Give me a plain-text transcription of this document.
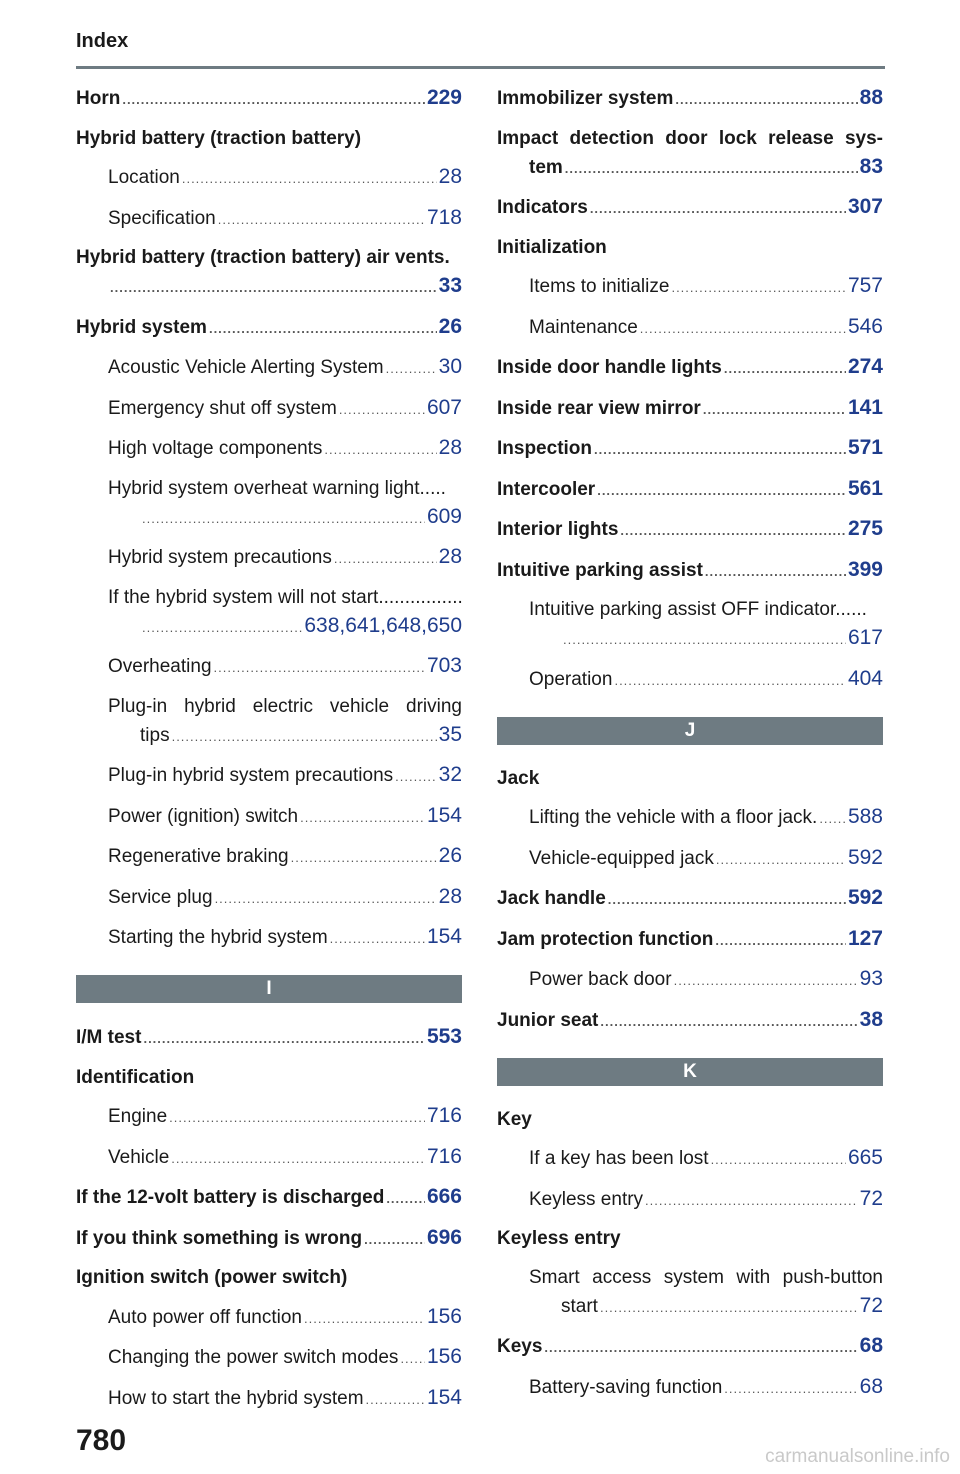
Index
Horn .....	229
Hybrid battery (traction battery)
Location .....	28
Specification .....	718
Hybrid battery (traction battery) air vents.
.....
33
Hybrid system .....	26
Acoustic Vehicle Alerting System .....	30
Emergency shut off system .....	607
High voltage components .....	28
Hybrid system overheat warning light.....
.....
609
Hybrid system precautions .....	28
If the hybrid system will not start................
.....
638,641,648,650
Overheating .....	703
Plug-in hybrid electric vehicle driving
tips .....	35
Plug-in hybrid system precautions ..... 32
Power (ignition) switch .....	154
Regenerative braking .....	26
Service plug .....	28
Starting the hybrid system .....	154
I
I/M test .....	553
Identification
Engine .....	716
Vehicle .....	716
If the 12-volt battery is discharged ..... 666
If you think something is wrong .....	696
Ignition switch (power switch)
Auto power off function .....	156
Changing the power switch modes ..... 156
How to start the hybrid system .....	154
Immobilizer system .....	88
Impact detection door lock release sys-
tem .....	83
Indicators .....	307
Initialization
Items to initialize .....	757
Maintenance .....	546
Inside door handle lights .....	274
Inside rear view mirror .....	141
Inspection .....	571
Intercooler .....	561
Interior lights .....	275
Intuitive parking assist .....	399
Intuitive parking assist OFF indicator......
.....
617
Operation .....	404
J
Jack
Lifting the vehicle with a floor jack. ..... 588
Vehicle-equipped jack .....	592
Jack handle .....	592
Jam protection function .....	127
Power back door .....	93
Junior seat .....	38
K
Key
If a key has been lost .....	665
Keyless entry .....	72
Keyless entry
Smart access system with push-button
start .....	72
Keys .....	68
Battery-saving function .....	68
780	carmanualsonline.info
